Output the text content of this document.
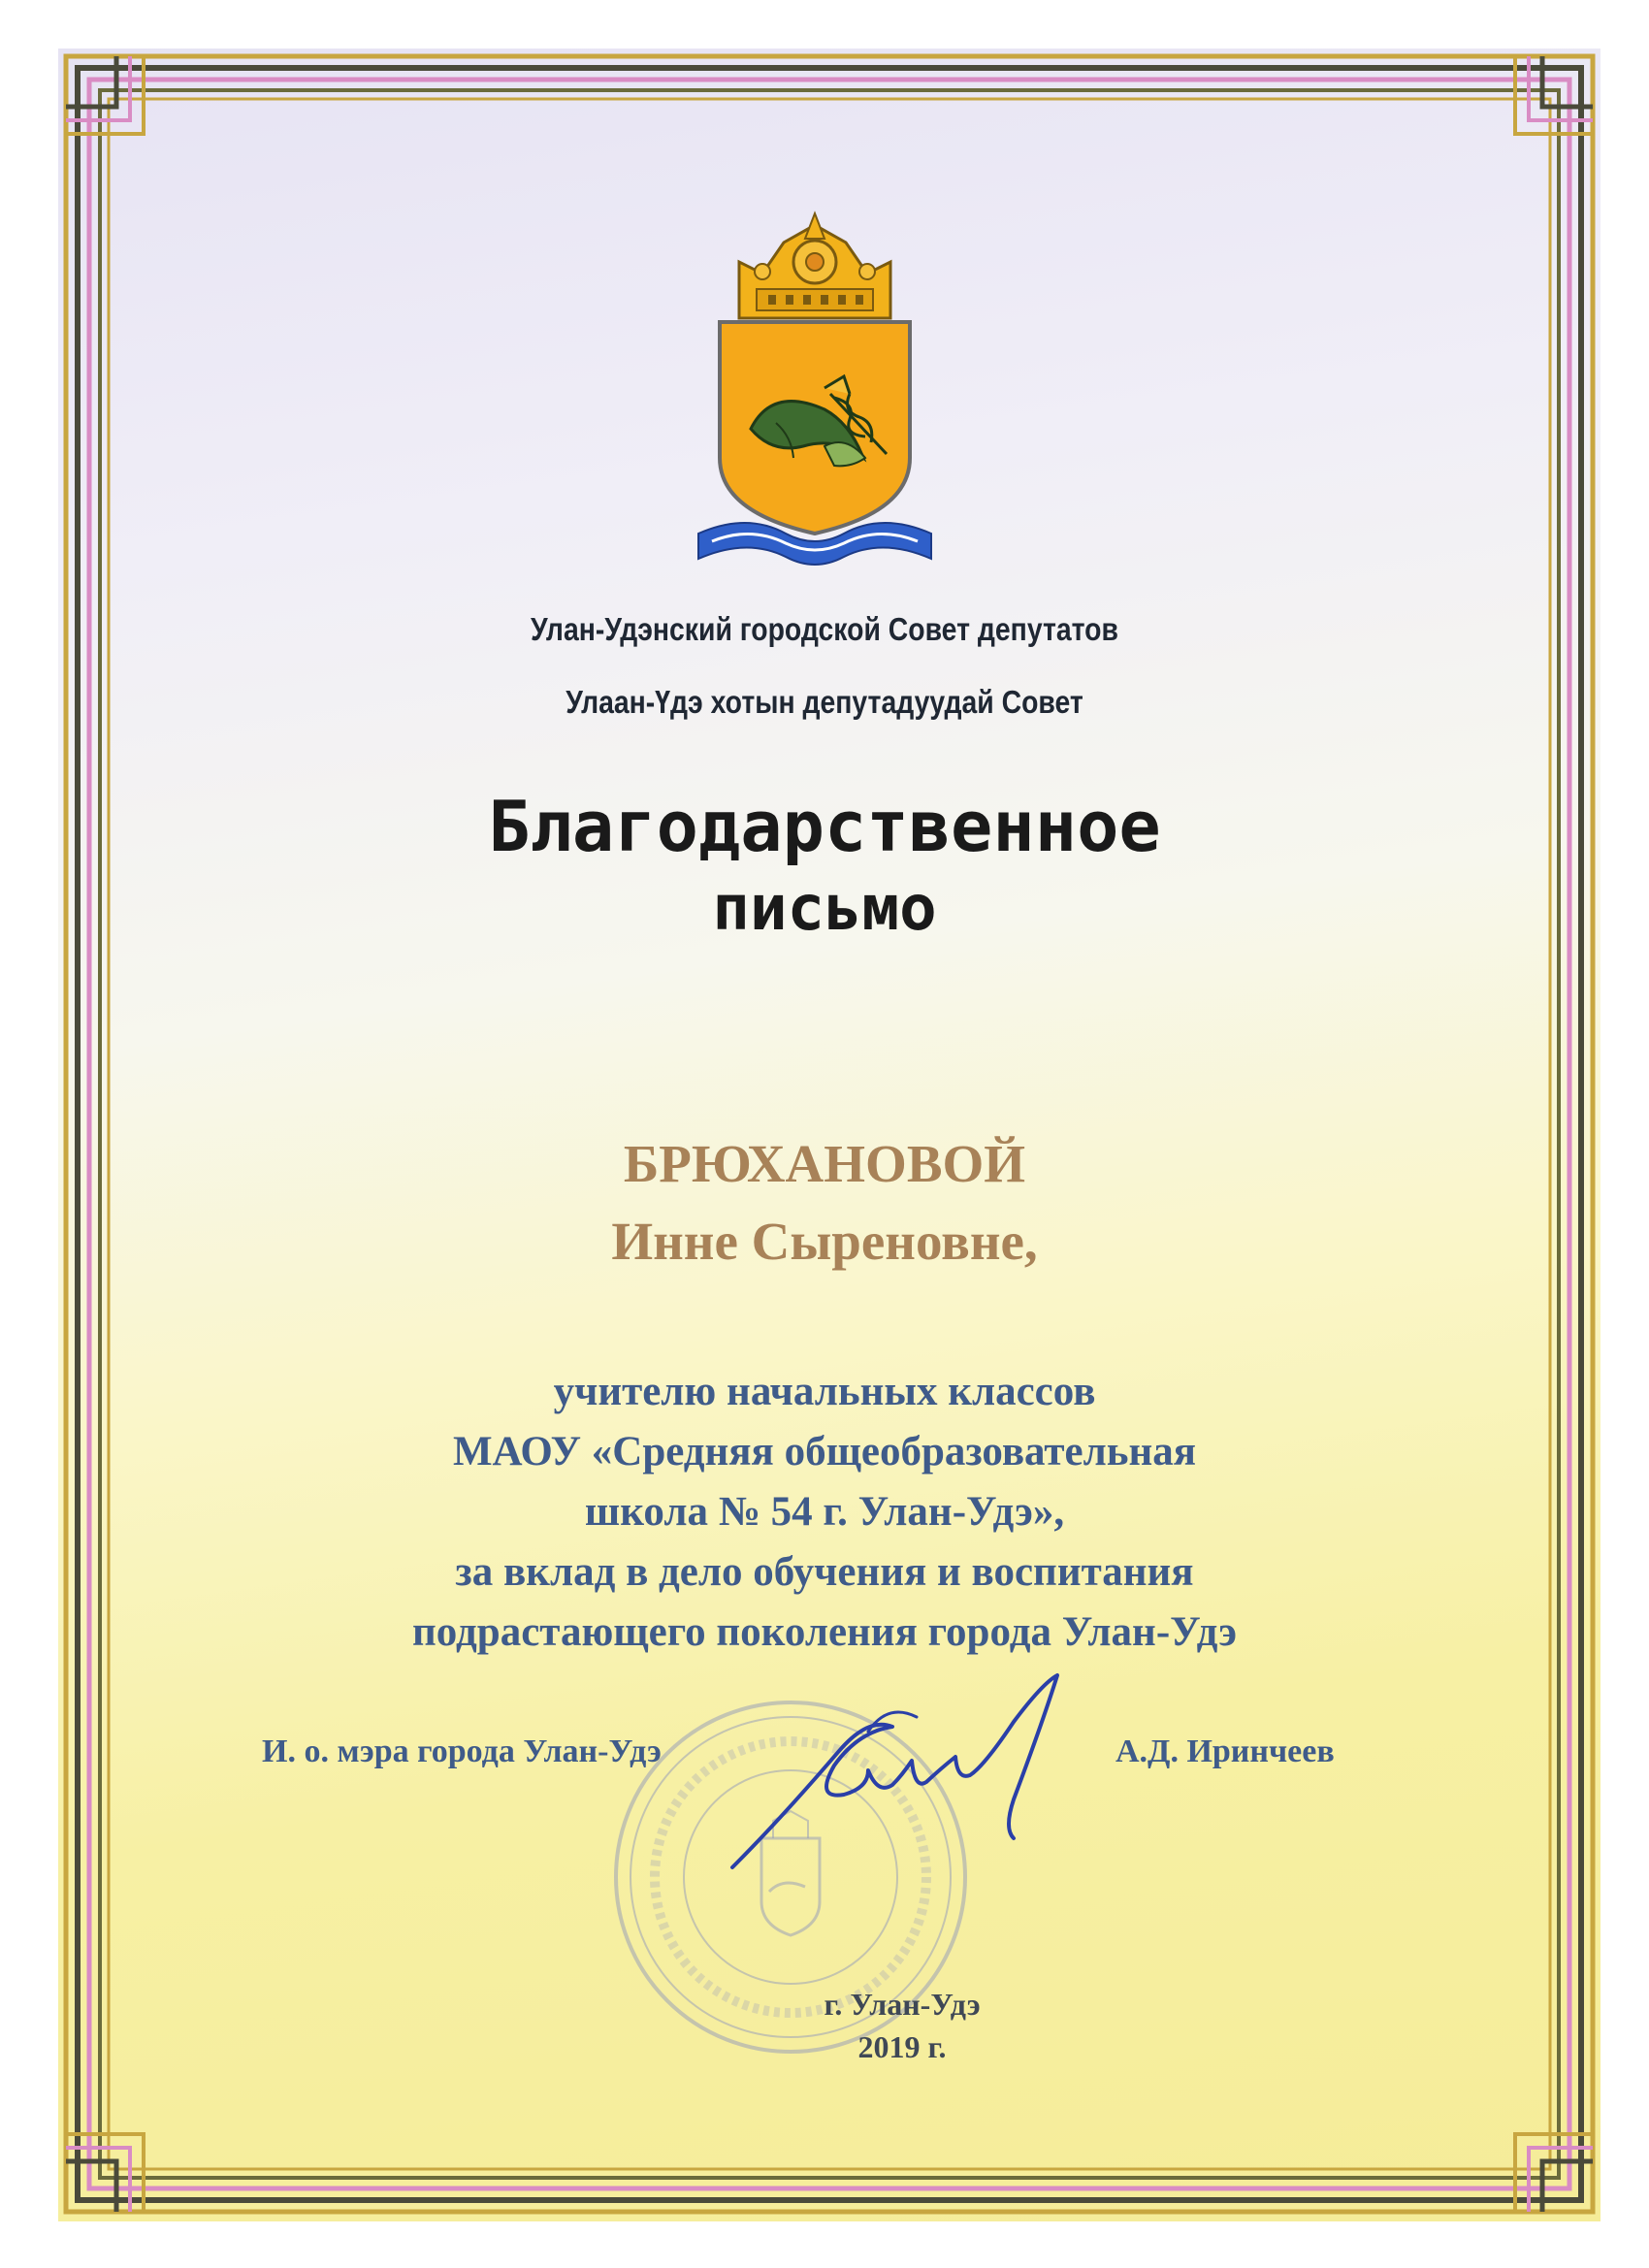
Улан-Удэнский городской Совет депутатов

Улаан-Үдэ хотын депутадуудай Совет

Благодарственное

письмо

БРЮХАНОВОЙ

Инне Сыреновне,

учителю начальных классов

МАОУ «Средняя общеобразовательная

школа № 54 г. Улан-Удэ»,

за вклад в дело обучения и воспитания

подрастающего поколения города Улан-Удэ

И. о. мэра города Улан-Удэ	А.Д. Иринчеев

г. Улан-Удэ

2019 г.
